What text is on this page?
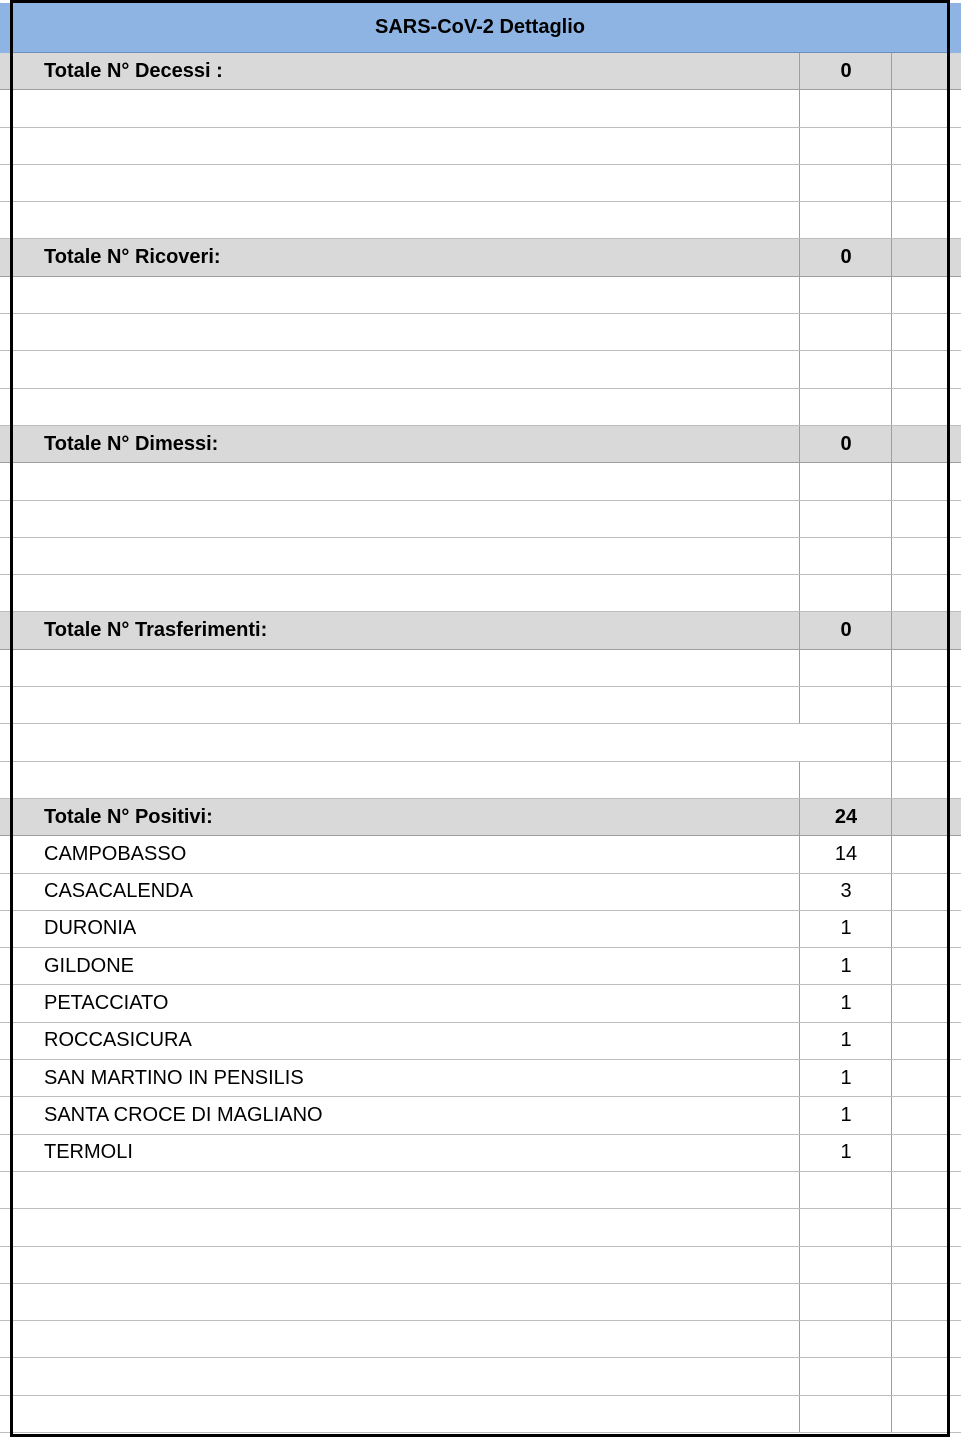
SARS-CoV-2 Dettaglio
Totale N° Decessi :	0
Totale N° Ricoveri:	0
Totale N° Dimessi:	0
Totale N° Trasferimenti:	0
Totale N° Positivi:	24
CAMPOBASSO	14
CASACALENDA	3
DURONIA	1
GILDONE	1
PETACCIATO	1
ROCCASICURA	1
SAN MARTINO IN PENSILIS	1
SANTA CROCE DI MAGLIANO	1
TERMOLI	1
